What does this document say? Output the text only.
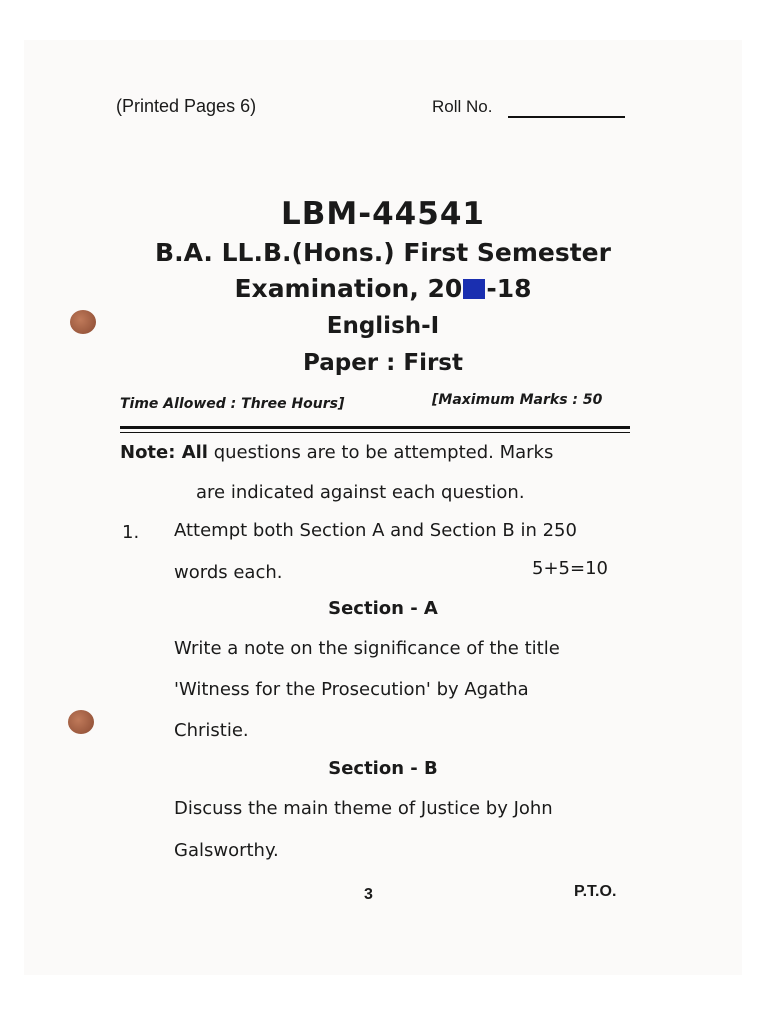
(Printed Pages 6)	Roll No.
LBM-44541
B.A. LL.B.(Hons.) First Semester
Examination, 20 -18
English-I
Paper : First
Time Allowed : Three Hours]	[Maximum Marks : 50
Note: All questions are to be attempted. Marks
are indicated against each question.
1. Attempt both Section A and Section B in 250
words each.	5+5=10
Section - A
Write a note on the significance of the title
'Witness for the Prosecution' by Agatha
Christie.
Section - B
Discuss the main theme of Justice by John
Galsworthy.
3	P.T.O.
